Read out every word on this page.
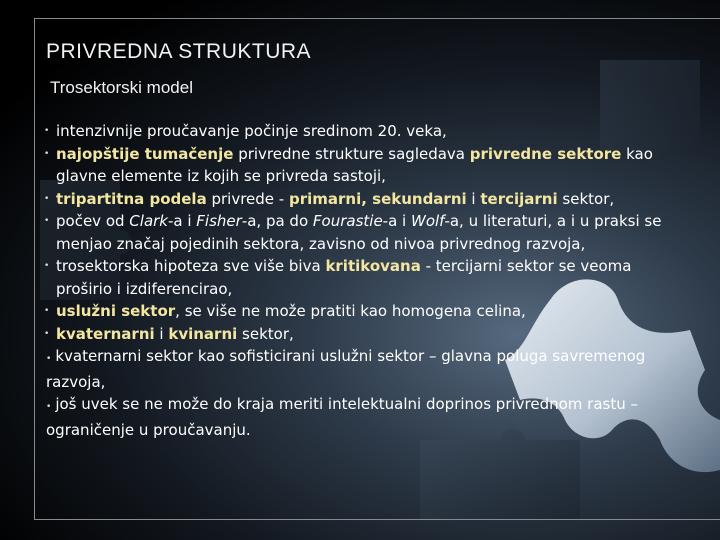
PRIVREDNA STRUKTURA
Trosektorski model
• intenzivnije proučavanje počinje sredinom 20. veka,
• najopštije tumačenje privredne strukture sagledava privredne sektore kao glavne elemente iz kojih se privreda sastoji,
• tripartitna podela privrede - primarni, sekundarni i tercijarni sektor,
• počev od Clark-a i Fisher-a, pa do Fourastie-a i Wolf-a, u literaturi, a i u praksi se menjao značaj pojedinih sektora, zavisno od nivoa privrednog razvoja,
• trosektorska hipoteza sve više biva kritikovana - tercijarni sektor se veoma proširio i izdiferencirao,
• uslužni sektor, se više ne može pratiti kao homogena celina,
• kvaternarni i kvinarni sektor,
• kvaternarni sektor kao sofisticirani uslužni sektor – glavna poluga savremenog razvoja,
• još uvek se ne može do kraja meriti intelektualni doprinos privrednom rastu – ograničenje u proučavanju.
